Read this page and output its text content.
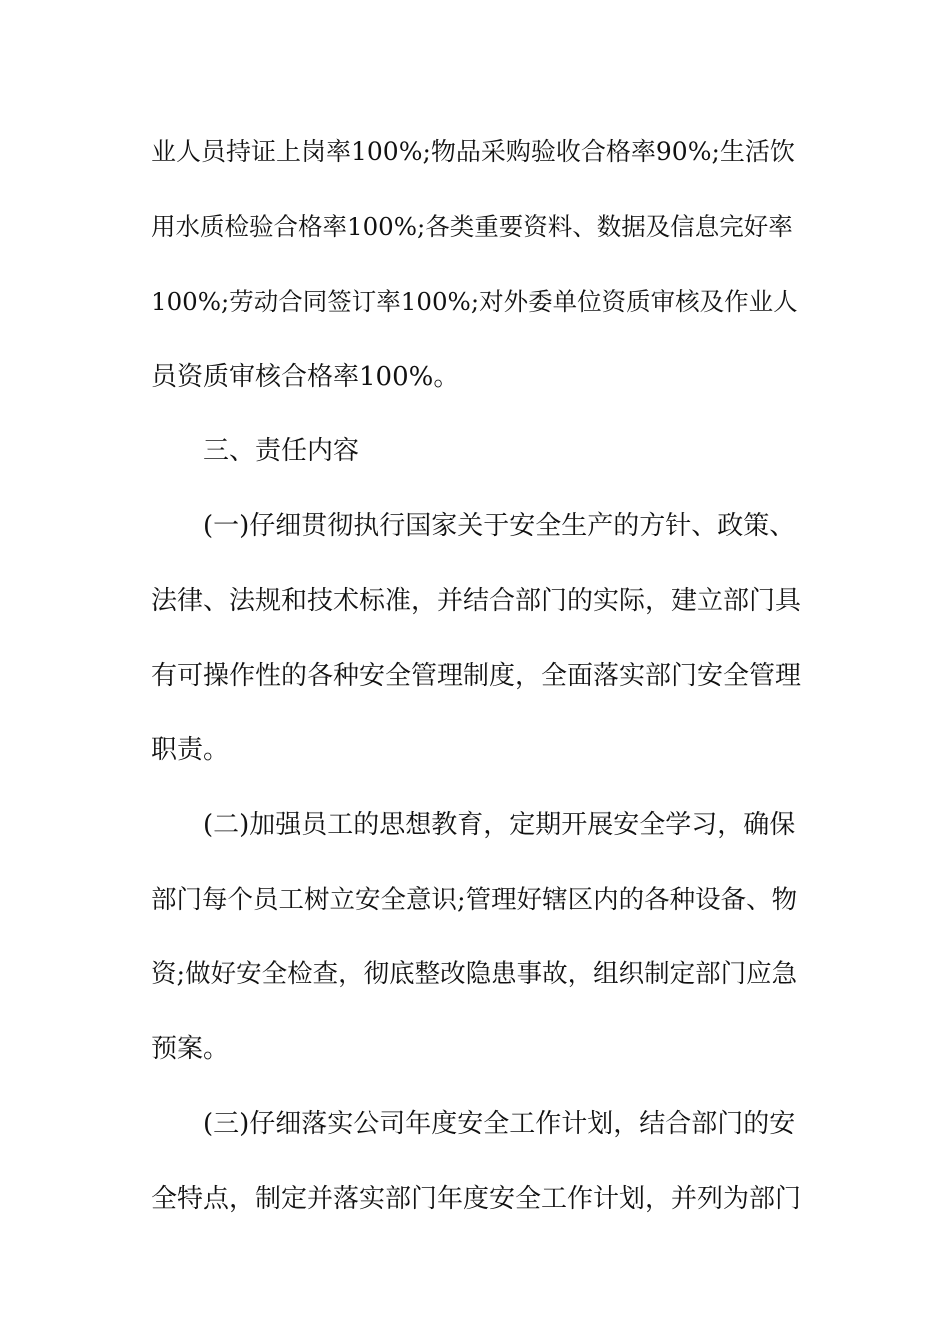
业人员持证上岗率100%;物品采购验收合格率90%;生活饮

用水质检验合格率100%;各类重要资料、数据及信息完好率

100%;劳动合同签订率100%;对外委单位资质审核及作业人

员资质审核合格率100%。

三、责任内容

(一)仔细贯彻执行国家关于安全生产的方针、政策、

法律、法规和技术标准，并结合部门的实际，建立部门具

有可操作性的各种安全管理制度，全面落实部门安全管理

职责。

(二)加强员工的思想教育，定期开展安全学习，确保

部门每个员工树立安全意识;管理好辖区内的各种设备、物

资;做好安全检查，彻底整改隐患事故，组织制定部门应急

预案。

(三)仔细落实公司年度安全工作计划，结合部门的安

全特点，制定并落实部门年度安全工作计划，并列为部门
